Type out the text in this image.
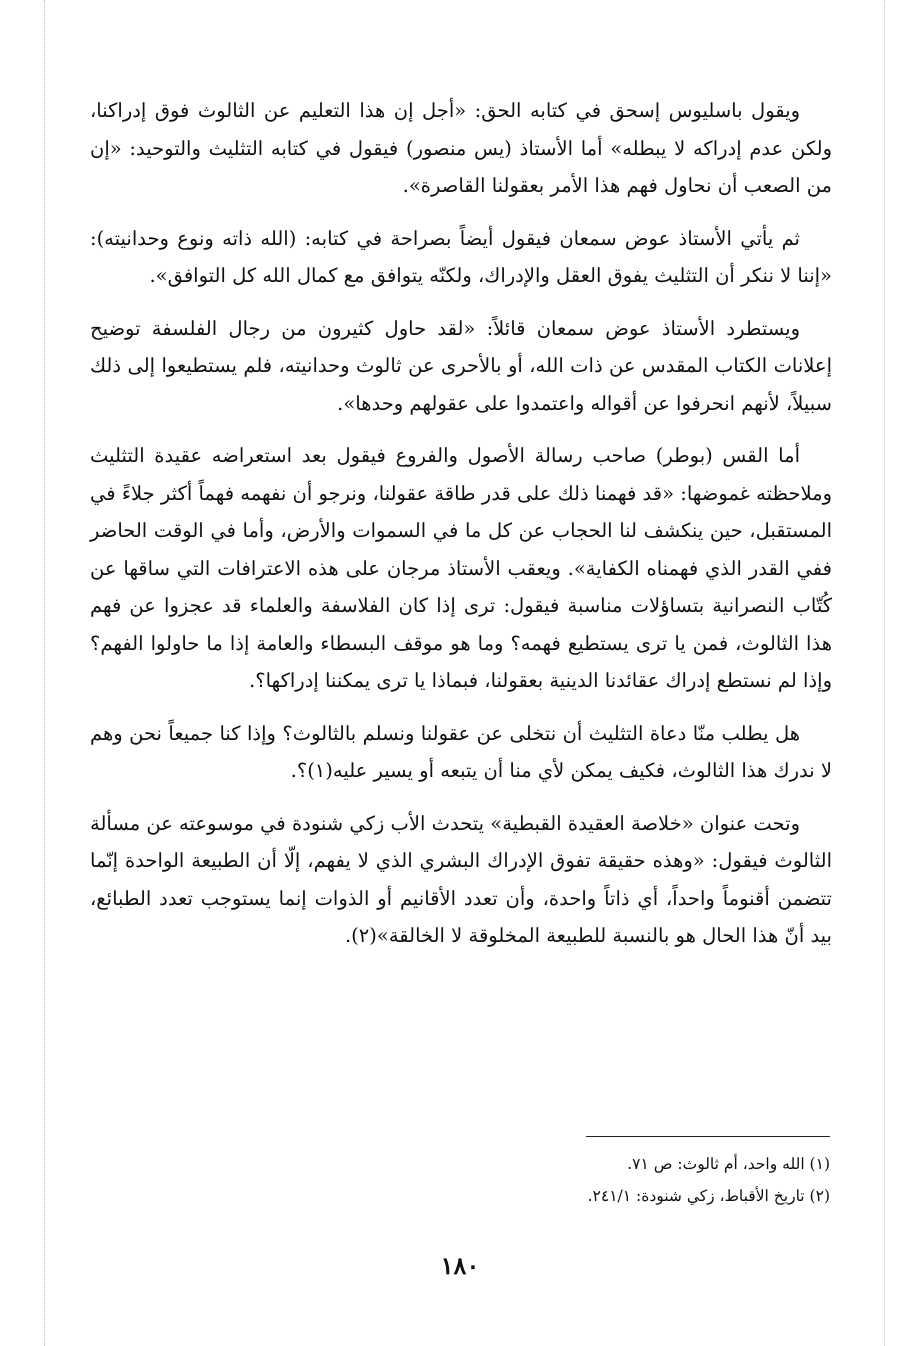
ويقول باسليوس إسحق في كتابه الحق: «أجل إن هذا التعليم عن الثالوث فوق إدراكنا، ولكن عدم إدراكه لا يبطله» أما الأستاذ (يس منصور) فيقول في كتابه التثليث والتوحيد: «إن من الصعب أن نحاول فهم هذا الأمر بعقولنا القاصرة».

ثم يأتي الأستاذ عوض سمعان فيقول أيضاً بصراحة في كتابه: (الله ذاته ونوع وحدانيته): «إننا لا ننكر أن التثليث يفوق العقل والإدراك، ولكنّه يتوافق مع كمال الله كل التوافق».

ويستطرد الأستاذ عوض سمعان قائلاً: «لقد حاول كثيرون من رجال الفلسفة توضيح إعلانات الكتاب المقدس عن ذات الله، أو بالأحرى عن ثالوث وحدانيته، فلم يستطيعوا إلى ذلك سبيلاً، لأنهم انحرفوا عن أقواله واعتمدوا على عقولهم وحدها».

أما القس (بوطر) صاحب رسالة الأصول والفروع فيقول بعد استعراضه عقيدة التثليث وملاحظته غموضها: «قد فهمنا ذلك على قدر طاقة عقولنا، ونرجو أن نفهمه فهماً أكثر جلاءً في المستقبل، حين ينكشف لنا الحجاب عن كل ما في السموات والأرض، وأما في الوقت الحاضر ففي القدر الذي فهمناه الكفاية». ويعقب الأستاذ مرجان على هذه الاعترافات التي ساقها عن كُتّاب النصرانية بتساؤلات مناسبة فيقول: ترى إذا كان الفلاسفة والعلماء قد عجزوا عن فهم هذا الثالوث، فمن يا ترى يستطيع فهمه؟ وما هو موقف البسطاء والعامة إذا ما حاولوا الفهم؟ وإذا لم نستطع إدراك عقائدنا الدينية بعقولنا، فبماذا يا ترى يمكننا إدراكها؟.

هل يطلب منّا دعاة التثليث أن نتخلى عن عقولنا ونسلم بالثالوث؟ وإذا كنا جميعاً نحن وهم لا ندرك هذا الثالوث، فكيف يمكن لأي منا أن يتبعه أو يسير عليه(١)؟.

وتحت عنوان «خلاصة العقيدة القبطية» يتحدث الأب زكي شنودة في موسوعته عن مسألة الثالوث فيقول: «وهذه حقيقة تفوق الإدراك البشري الذي لا يفهم، إلّا أن الطبيعة الواحدة إنّما تتضمن أقنوماً واحداً، أي ذاتاً واحدة، وأن تعدد الأقانيم أو الذوات إنما يستوجب تعدد الطبائع، بيد أنّ هذا الحال هو بالنسبة للطبيعة المخلوقة لا الخالقة»(٢).

(١) الله واحد، أم ثالوث: ص ٧١.

(٢) تاريخ الأقباط، زكي شنودة: ٢٤١/١.

١٨٠
